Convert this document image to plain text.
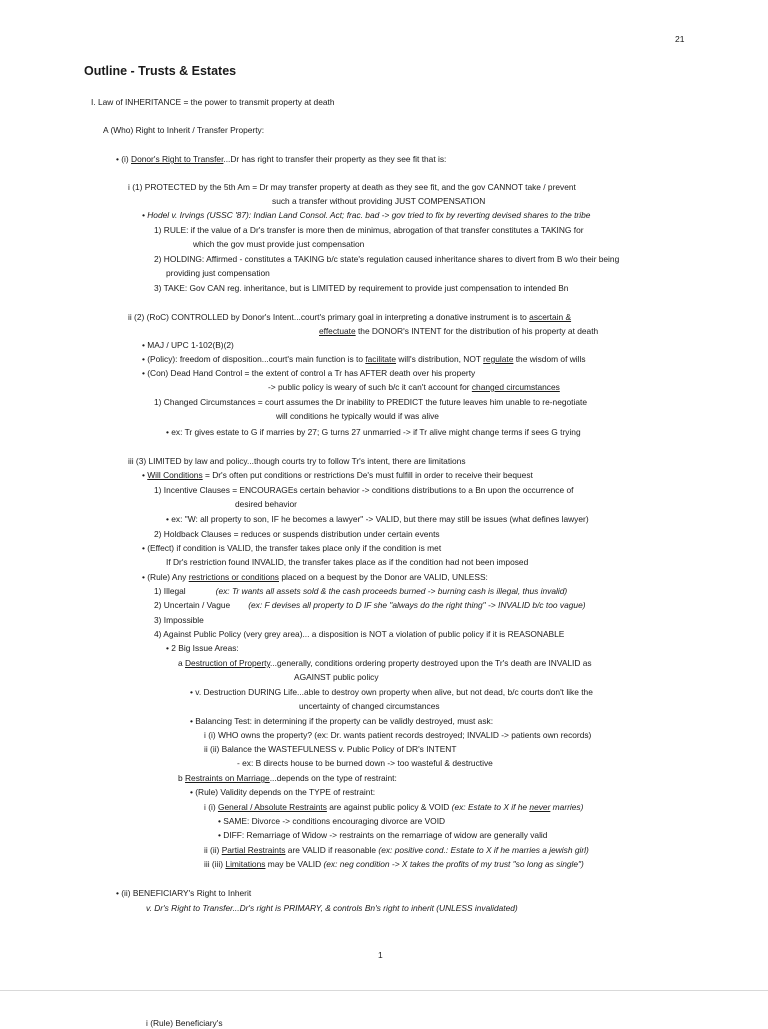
21
Outline - Trusts & Estates
I. Law of INHERITANCE = the power to transmit property at death
A (Who) Right to Inherit / Transfer Property:
• (i) Donor's Right to Transfer...Dr has right to transfer their property as they see fit that is:
i (1) PROTECTED by the 5th Am = Dr may transfer property at death as they see fit, and the gov CANNOT take / prevent
such a transfer without providing JUST COMPENSATION
• Hodel v. Irvings (USSC '87): Indian Land Consol. Act; frac. bad -> gov tried to fix by reverting devised shares to the tribe
1) RULE: if the value of a Dr's transfer is more then de minimus, abrogation of that transfer constitutes a TAKING for
which the gov must provide just compensation
2) HOLDING: Affirmed - constitutes a TAKING b/c state's regulation caused inheritance shares to divert from B w/o their being
providing just compensation
3) TAKE: Gov CAN reg. inheritance, but is LIMITED by requirement to provide just compensation to intended Bn
ii (2) (RoC) CONTROLLED by Donor's Intent...court's primary goal in interpreting a donative instrument is to ascertain &
effectuate the DONOR's INTENT for the distribution of his property at death
• MAJ / UPC 1-102(B)(2)
• (Policy): freedom of disposition...court's main function is to facilitate will's distribution, NOT regulate the wisdom of wills
• (Con) Dead Hand Control = the extent of control a Tr has AFTER death over his property
-> public policy is weary of such b/c it can't account for changed circumstances
1) Changed Circumstances = court assumes the Dr inability to PREDICT the future leaves him unable to re-negotiate
will conditions he typically would if was alive
• ex: Tr gives estate to G if marries by 27; G turns 27 unmarried -> if Tr alive might change terms if sees G trying
iii (3) LIMITED by law and policy...though courts try to follow Tr's intent, there are limitations
• Will Conditions = Dr's often put conditions or restrictions De's must fulfill in order to receive their bequest
1) Incentive Clauses = ENCOURAGEs certain behavior -> conditions distributions to a Bn upon the occurrence of
desired behavior
• ex: "W: all property to son, IF he becomes a lawyer" -> VALID, but there may still be issues (what defines lawyer)
2) Holdback Clauses = reduces or suspends distribution under certain events
• (Effect) if condition is VALID, the transfer takes place only if the condition is met
If Dr's restriction found INVALID, the transfer takes place as if the condition had not been imposed
• (Rule) Any restrictions or conditions placed on a bequest by the Donor are VALID, UNLESS:
1) Illegal	(ex: Tr wants all assets sold & the cash proceeds burned -> burning cash is illegal, thus invalid)
2) Uncertain / Vague (ex: F devises all property to D IF she "always do the right thing" -> INVALID b/c too vague)
3) Impossible
4) Against Public Policy (very grey area)... a disposition is NOT a violation of public policy if it is REASONABLE
• 2 Big Issue Areas:
a Destruction of Property...generally, conditions ordering property destroyed upon the Tr's death are INVALID as
AGAINST public policy
• v. Destruction DURING Life...able to destroy own property when alive, but not dead, b/c courts don't like the
uncertainty of changed circumstances
• Balancing Test: in determining if the property can be validly destroyed, must ask:
i (i) WHO owns the property? (ex: Dr. wants patient records destroyed; INVALID -> patients own records)
ii (ii) Balance the WASTEFULNESS v. Public Policy of DR's INTENT
- ex: B directs house to be burned down -> too wasteful & destructive
b Restraints on Marriage...depends on the type of restraint:
• (Rule) Validity depends on the TYPE of restraint:
i (i) General / Absolute Restraints are against public policy & VOID (ex: Estate to X if he never marries)
• SAME: Divorce -> conditions encouraging divorce are VOID
• DIFF: Remarriage of Widow -> restraints on the remarriage of widow are generally valid
ii (ii) Partial Restraints are VALID if reasonable (ex: positive cond.: Estate to X if he marries a jewish girl)
iii (iii) Limitations may be VALID (ex: neg condition -> X takes the profits of my trust "so long as single")
• (ii) BENEFICIARY's Right to Inherit
v. Dr's Right to Transfer...Dr's right is PRIMARY, & controls Bn's right to inherit (UNLESS invalidated)
1
i (Rule) Beneficiary's
